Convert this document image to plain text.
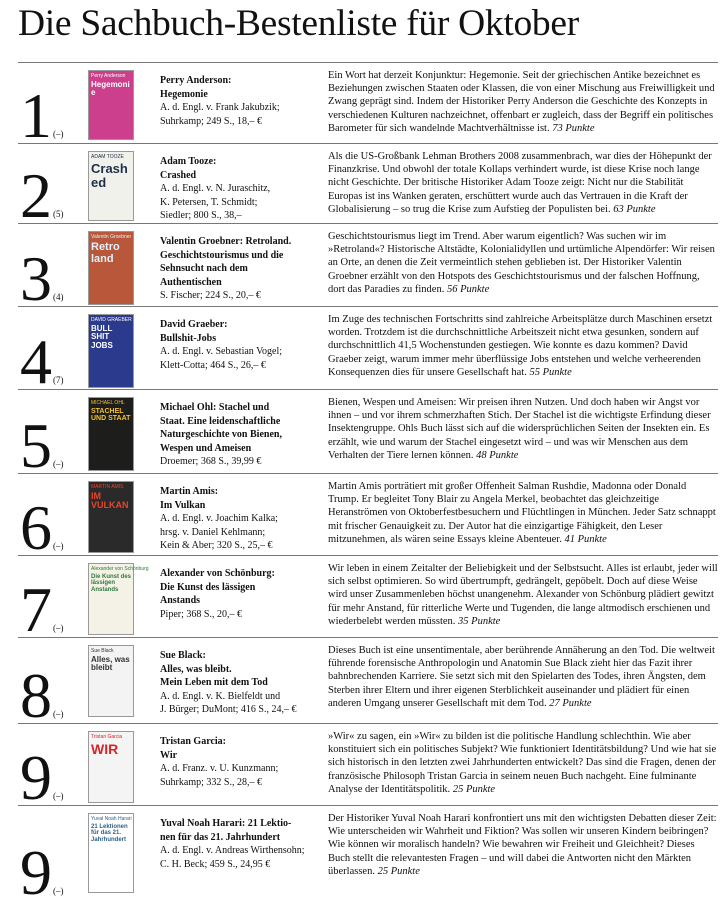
Die Sachbuch-Bestenliste für Oktober
1 (–)
Perry Anderson
Hegemonie
Perry Anderson:
Hegemonie
A. d. Engl. v. Frank Jakubzik;
Suhrkamp; 249 S., 18,– €
Ein Wort hat derzeit Konjunktur: Hegemonie. Seit der griechischen Antike bezeichnet es Beziehungen zwischen Staaten oder Klassen, die von einer Mischung aus Freiwilligkeit und Zwang geprägt sind. Indem der Historiker Perry Anderson die Geschichte des Konzepts in verschiedenen Kulturen nachzeichnet, offenbart er zugleich, dass der Begriff ein politisches Barometer für sich wandelnde Machtverhältnisse ist. 73 Punkte
2 (5)
ADAM TOOZE
Crashed
Adam Tooze:
Crashed
A. d. Engl. v. N. Juraschitz,
K. Petersen, T. Schmidt;
Siedler; 800 S., 38,–
Als die US-Großbank Lehman Brothers 2008 zusammenbrach, war dies der Höhepunkt der Finanzkrise. Und obwohl der totale Kollaps verhindert wurde, ist diese Krise noch lange nicht Geschichte. Der britische Historiker Adam Tooze zeigt: Nicht nur die Stabilität Europas ist ins Wanken geraten, erschüttert wurde auch das Vertrauen in die Kraft der Globalisierung – so trug die Krise zum Aufstieg der Populisten bei. 63 Punkte
3 (4)
Valentin Groebner
Retro land
Valentin Groebner: Retroland.
Geschichtstourismus und die
Sehnsucht nach dem
Authentischen
S. Fischer; 224 S., 20,– €
Geschichtstourismus liegt im Trend. Aber warum eigentlich? Was suchen wir im »Retroland«? Historische Altstädte, Kolonialidyllen und urtümliche Alpendörfer: Wir reisen an Orte, an denen die Zeit vermeintlich stehen geblieben ist. Der Historiker Valentin Groebner erzählt von den Hotspots des Geschichtstourismus und der falschen Hoffnung, dort das Paradies zu finden. 56 Punkte
4 (7)
DAVID GRAEBER
BULL SHIT JOBS
David Graeber:
Bullshit-Jobs
A. d. Engl. v. Sebastian Vogel;
Klett-Cotta; 464 S., 26,– €
Im Zuge des technischen Fortschritts sind zahlreiche Arbeitsplätze durch Maschinen ersetzt worden. Trotzdem ist die durchschnittliche Arbeitszeit nicht etwa gesunken, sondern auf durchschnittlich 41,5 Wochenstunden gestiegen. Wie konnte es dazu kommen? David Graeber zeigt, warum immer mehr überflüssige Jobs entstehen und welche verheerenden Konsequenzen dies für unsere Gesellschaft hat. 55 Punkte
5 (–)
MICHAEL OHL
STACHEL UND STAAT
Michael Ohl: Stachel und
Staat. Eine leidenschaftliche
Naturgeschichte von Bienen,
Wespen und Ameisen
Droemer; 368 S., 39,99 €
Bienen, Wespen und Ameisen: Wir preisen ihren Nutzen. Und doch haben wir Angst vor ihnen – und vor ihrem schmerzhaften Stich. Der Stachel ist die wichtigste Erfindung dieser Insektengruppe. Ohls Buch lässt sich auf die widersprüchlichen Seiten der Insekten ein. Es erzählt, wie und warum der Stachel eingesetzt wird – und was wir Menschen aus dem Verhalten der Tiere lernen können. 48 Punkte
6 (–)
MARTIN AMIS
IM VULKAN
Martin Amis:
Im Vulkan
A. d. Engl. v. Joachim Kalka;
hrsg. v. Daniel Kehlmann;
Kein & Aber; 320 S., 25,– €
Martin Amis porträtiert mit großer Offenheit Salman Rushdie, Madonna oder Donald Trump. Er begleitet Tony Blair zu Angela Merkel, beobachtet das gleichzeitige Heranströmen von Oktoberfestbesuchern und Flüchtlingen in München. Jeder Satz schnappt mit frischer Genauigkeit zu. Der Autor hat die einzigartige Fähigkeit, den Leser mitzunehmen, als wären seine Essays kleine Abenteuer. 41 Punkte
7 (–)
Alexander von Schönburg
Die Kunst des lässigen Anstands
Alexander von Schönburg:
Die Kunst des lässigen
Anstands
Piper; 368 S., 20,– €
Wir leben in einem Zeitalter der Beliebigkeit und der Selbstsucht. Alles ist erlaubt, jeder will sich selbst optimieren. So wird übertrumpft, gedrängelt, gepöbelt. Doch auf diese Weise wird unser Zusammenleben höchst unangenehm. Alexander von Schönburg plädiert gewitzt für mehr Anstand, für ritterliche Werte und Tugenden, die lange altmodisch erschienen und wiederbelebt werden müssten. 35 Punkte
8 (–)
Sue Black
Alles, was bleibt
Sue Black:
Alles, was bleibt.
Mein Leben mit dem Tod
A. d. Engl. v. K. Bielfeldt und
J. Bürger; DuMont; 416 S., 24,– €
Dieses Buch ist eine unsentimentale, aber berührende Annäherung an den Tod. Die weltweit führende forensische Anthropologin und Anatomin Sue Black zieht hier das Fazit ihrer bahnbrechenden Karriere. Sie setzt sich mit den Spielarten des Todes, ihren Ängsten, dem Sterben ihrer Eltern und ihrer eigenen Sterblichkeit auseinander und plädiert für einen anderen Umgang unserer Gesellschaft mit dem Tod. 27 Punkte
9 (–)
Tristan Garcia
WIR	Tristan Garcia:
Wir
A. d. Franz. v. U. Kunzmann;
Suhrkamp; 332 S., 28,– €
»Wir« zu sagen, ein »Wir« zu bilden ist die politische Handlung schlechthin. Wie aber konstituiert sich ein politisches Subjekt? Wie funktioniert Identitätsbildung? Und wie hat sie sich historisch in den letzten zwei Jahrhunderten entwickelt? Das sind die Fragen, denen der französische Philosoph Tristan Garcia in seinem neuen Buch nachgeht. Eine fulminante Analyse der Identitätspolitik. 25 Punkte
9 (–)
Yuval Noah Harari
21 Lektionen für das 21. Jahrhundert
Yuval Noah Harari: 21 Lektio-
nen für das 21. Jahrhundert
A. d. Engl. v. Andreas Wirthensohn;
C. H. Beck; 459 S., 24,95 €
Der Historiker Yuval Noah Harari konfrontiert uns mit den wichtigsten Debatten dieser Zeit: Wie unterscheiden wir Wahrheit und Fiktion? Was sollen wir unseren Kindern beibringen? Wie können wir moralisch handeln? Wie bewahren wir Freiheit und Gleichheit? Dieses Buch stellt die relevantesten Fragen – und will dabei die Antworten nicht den Märkten überlassen. 25 Punkte
